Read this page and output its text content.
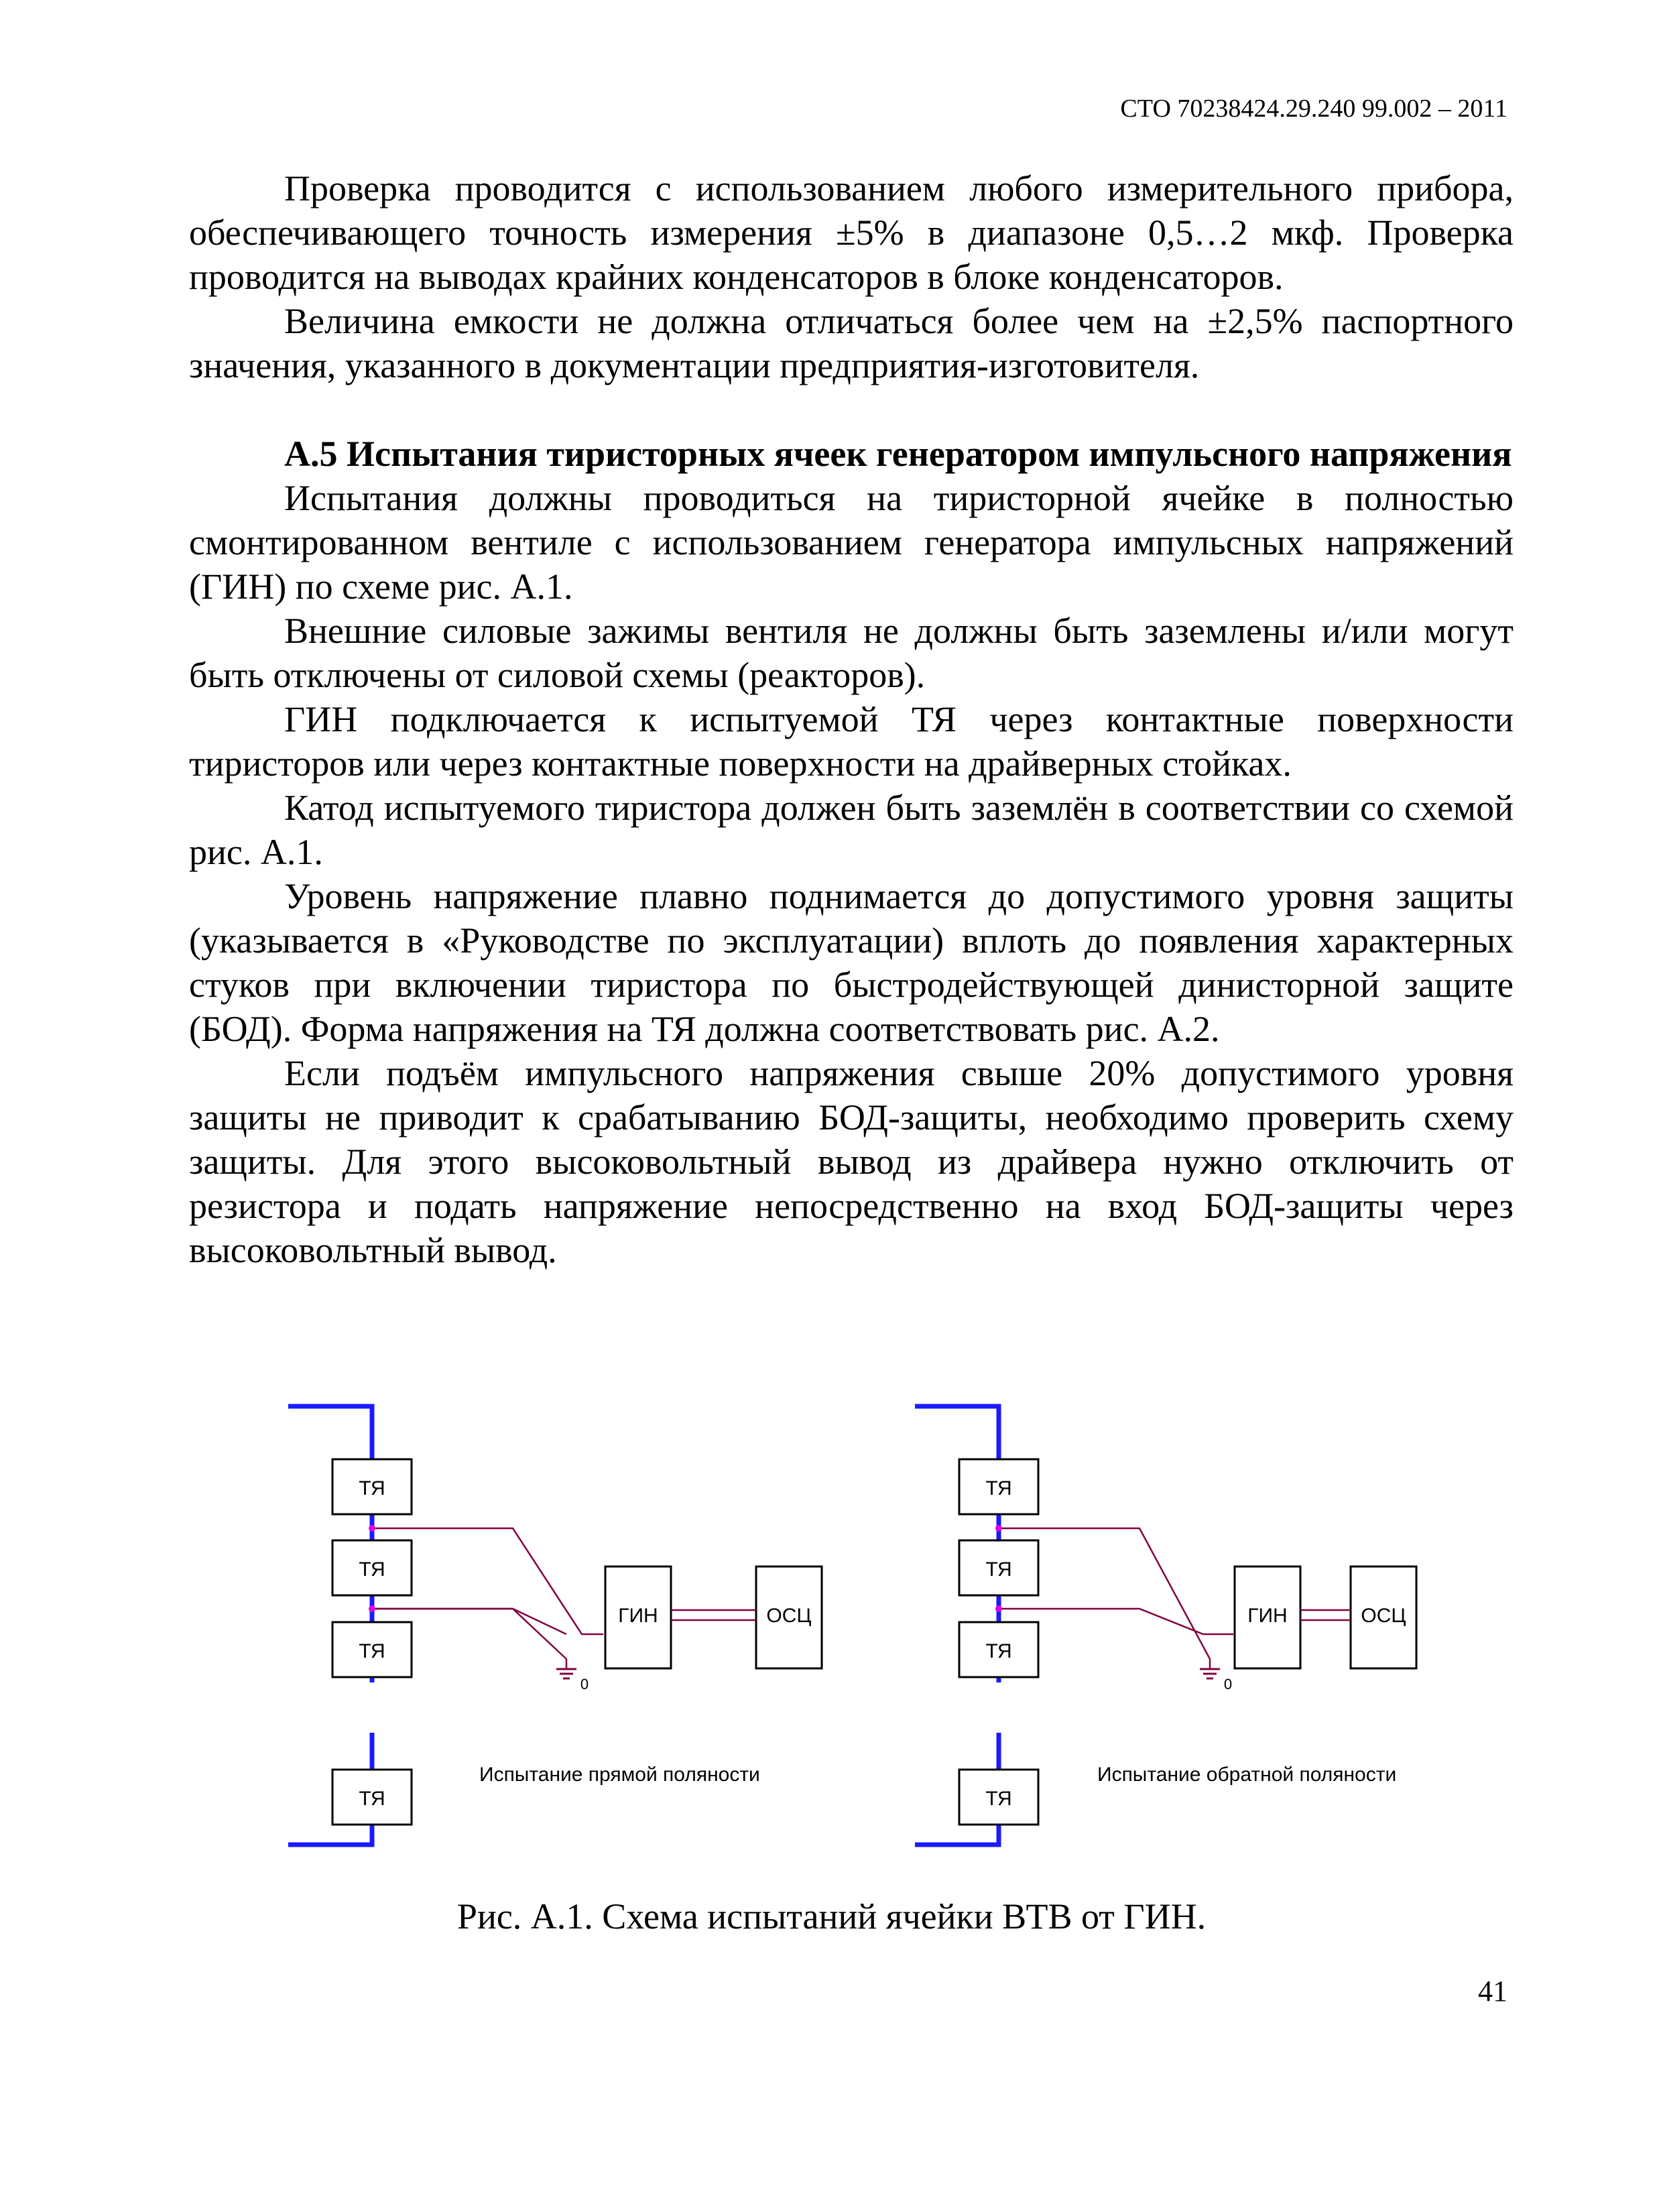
СТО 70238424.29.240 99.002 – 2011

Проверка проводится с использованием любого измерительного прибора, обеспечивающего точность измерения ±5% в диапазоне 0,5…2 мкф. Проверка проводится на выводах крайних конденсаторов в блоке конденсаторов.

Величина емкости не должна отличаться более чем на ±2,5% паспортного значения, указанного в документации предприятия-изготовителя.

А.5 Испытания тиристорных ячеек генератором импульсного напряжения

Испытания должны проводиться на тиристорной ячейке в полностью смонтированном вентиле с использованием генератора импульсных напряжений (ГИН) по схеме рис. А.1.

Внешние силовые зажимы вентиля не должны быть заземлены и/или могут быть отключены от силовой схемы (реакторов).

ГИН подключается к испытуемой ТЯ через контактные поверхности тиристоров или через контактные поверхности на драйверных стойках.

Катод испытуемого тиристора должен быть заземлён в соответствии со схемой рис. А.1.

Уровень напряжение плавно поднимается до допустимого уровня защиты (указывается в «Руководстве по эксплуатации) вплоть до появления характерных стуков при включении тиристора по быстродействующей динисторной защите (БОД). Форма напряжения на ТЯ должна соответствовать рис. А.2.

Если подъём импульсного напряжения свыше 20% допустимого уровня защиты не приводит к срабатыванию БОД-защиты, необходимо проверить схему защиты. Для этого высоковольтный вывод из драйвера нужно отключить от резистора и подать напряжение непосредственно на вход БОД-защиты через высоковольтный вывод.

ТЯ
ТЯ
ТЯ
ТЯ
0
ГИН	ОСЦ
Испытание прямой поляности
ТЯ
ТЯ
ТЯ
ТЯ
0
ГИН	ОСЦ
Испытание обратной поляности
Рис. А.1. Схема испытаний ячейки ВТВ от ГИН.
41
